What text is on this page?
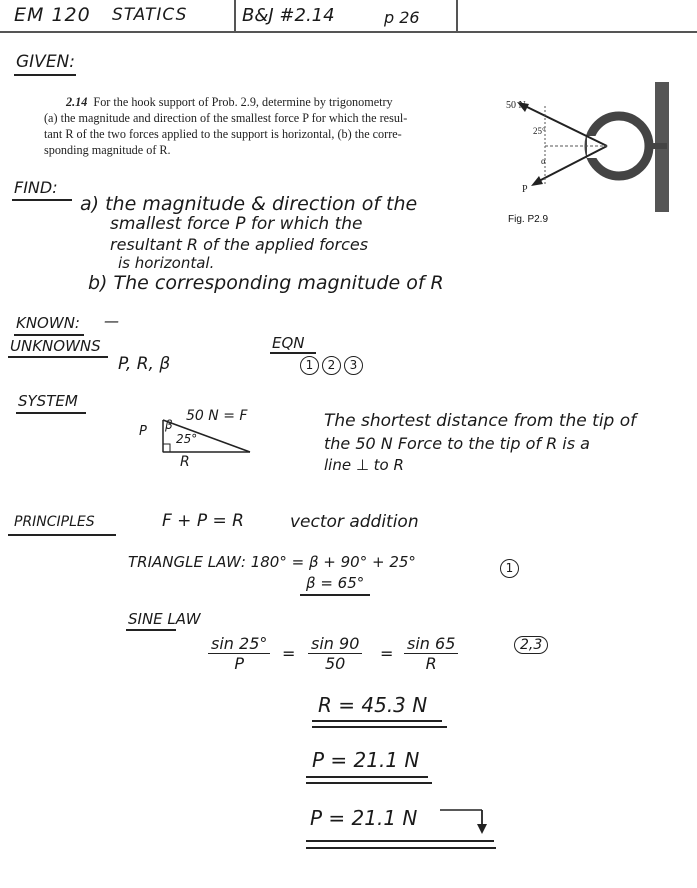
EM 120 STATICS	B&J #2.14	p 26
GIVEN:
2.14 For the hook support of Prob. 2.9, determine by trigonometry
(a) the magnitude and direction of the smallest force P for which the resul-
tant R of the two forces applied to the support is horizontal, (b) the corre-
sponding magnitude of R.
50 N
25°
α
P
Fig. P2.9
FIND:
a) the magnitude & direction of the
smallest force P for which the
resultant R of the applied forces
is horizontal.
b) The corresponding magnitude of R
KNOWN: —
UNKNOWNS
P, R, β
EQN
1 2 3
SYSTEM
50 N = F
P β
25°
R
The shortest distance from the tip of
the 50 N Force to the tip of R is a
line ⊥ to R
PRINCIPLES	F + P = R	vector addition
TRIANGLE LAW: 180° = β + 90° + 25°	1
β = 65°
SINE LAW
$\frac{\sin 25^\circ}{P} = \frac{\sin 90}{50} = \frac{\sin 65}{R}$	2,3
R = 45.3 N
P = 21.1 N
P = 21.1 N
